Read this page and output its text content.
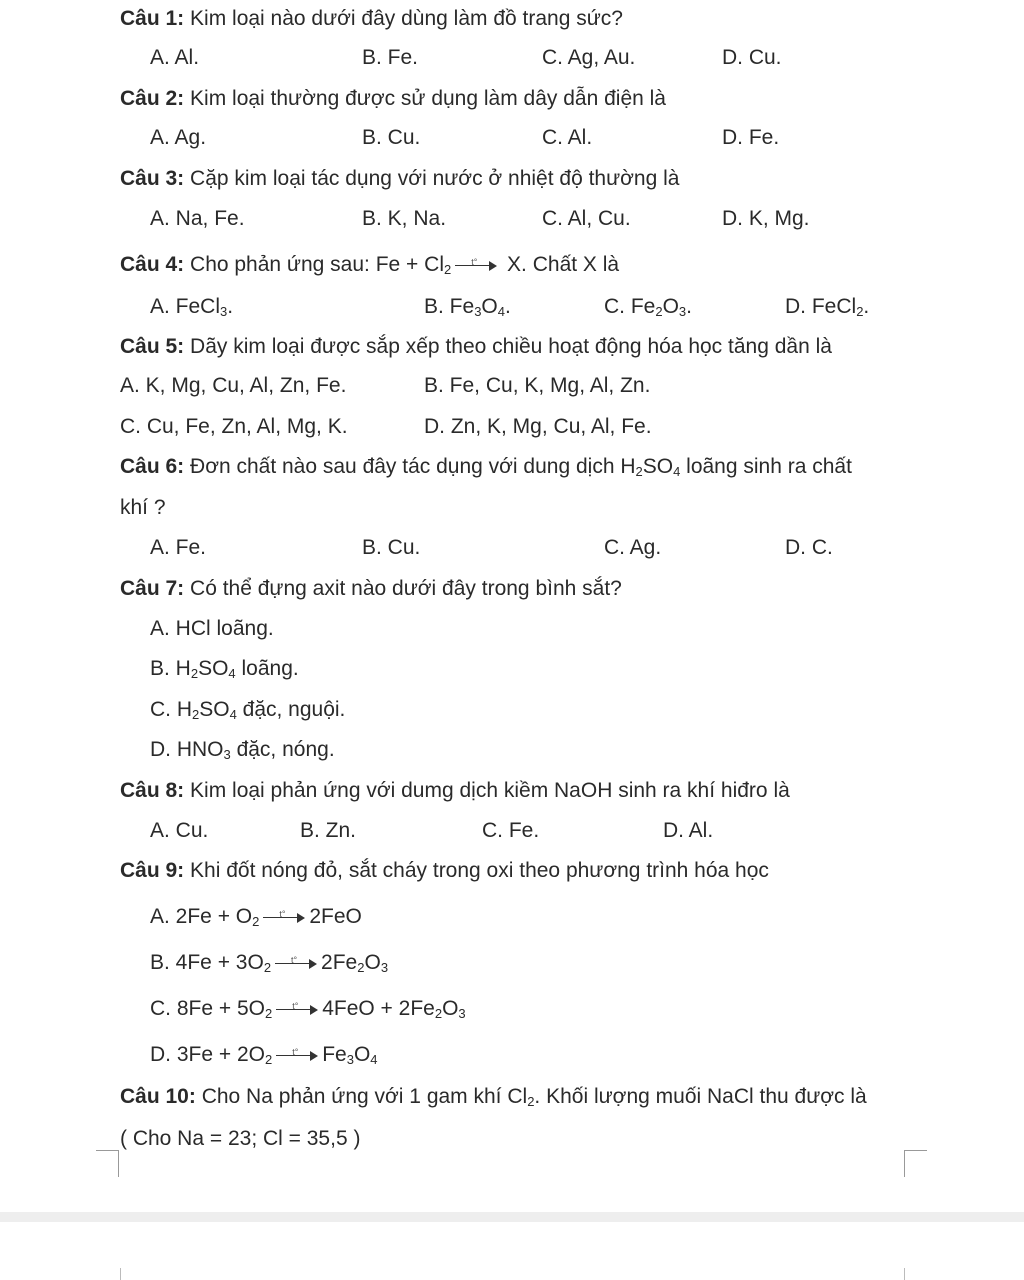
Câu 1: Kim loại nào dưới đây dùng làm đồ trang sức?
A. Al.	B. Fe.	C. Ag, Au.	D. Cu.
Câu 2: Kim loại thường được sử dụng làm dây dẫn điện là
A. Ag.	B. Cu.	C. Al.	D. Fe.
Câu 3: Cặp kim loại tác dụng với nước ở nhiệt độ thường là
A. Na, Fe.	B. K, Na.	C. Al, Cu.	D. K, Mg.
Câu 4: Cho phản ứng sau: $Fe + Cl_2$ t° X. Chất X là
A. FeCl$_3$.	B. $Fe_3O_4$.	C. $Fe_2O_3$.	D. FeCl$_2$.
Câu 5: Dãy kim loại được sắp xếp theo chiều hoạt động hóa học tăng dần là
A. K, Mg, Cu, Al, Zn, Fe.	B. Fe, Cu, K, Mg, Al, Zn.
C. Cu, Fe, Zn, Al, Mg, K.	D. Zn, K, Mg, Cu, Al, Fe.
Câu 6: Đơn chất nào sau đây tác dụng với dung dịch $H_2SO_4$ loãng sinh ra chất
khí ?
A. Fe.	B. Cu.	C. Ag.	D. C.
Câu 7: Có thể đựng axit nào dưới đây trong bình sắt?
A. HCl loãng.
B. $H_2SO_4$ loãng.
C. $H_2SO_4$ đặc, nguội.
D. $HNO_3$ đặc, nóng.
Câu 8: Kim loại phản ứng với dumg dịch kiềm NaOH sinh ra khí hiđro là
A. Cu.	B. Zn.	C. Fe.	D. Al.
Câu 9: Khi đốt nóng đỏ, sắt cháy trong oxi theo phương trình hóa học
A. $2Fe + O_2$ t° 2FeO
B. $4Fe + 3O_2$ t° $2Fe_2O_3$
C. $8Fe + 5O_2$ t° $4FeO + 2Fe_2O_3$
D. $3Fe + 2O_2$ t° $Fe_3O_4$
Câu 10: Cho Na phản ứng với 1 gam khí $Cl_2$. Khối lượng muối NaCl thu được là
( Cho Na = 23; Cl = 35,5 )
